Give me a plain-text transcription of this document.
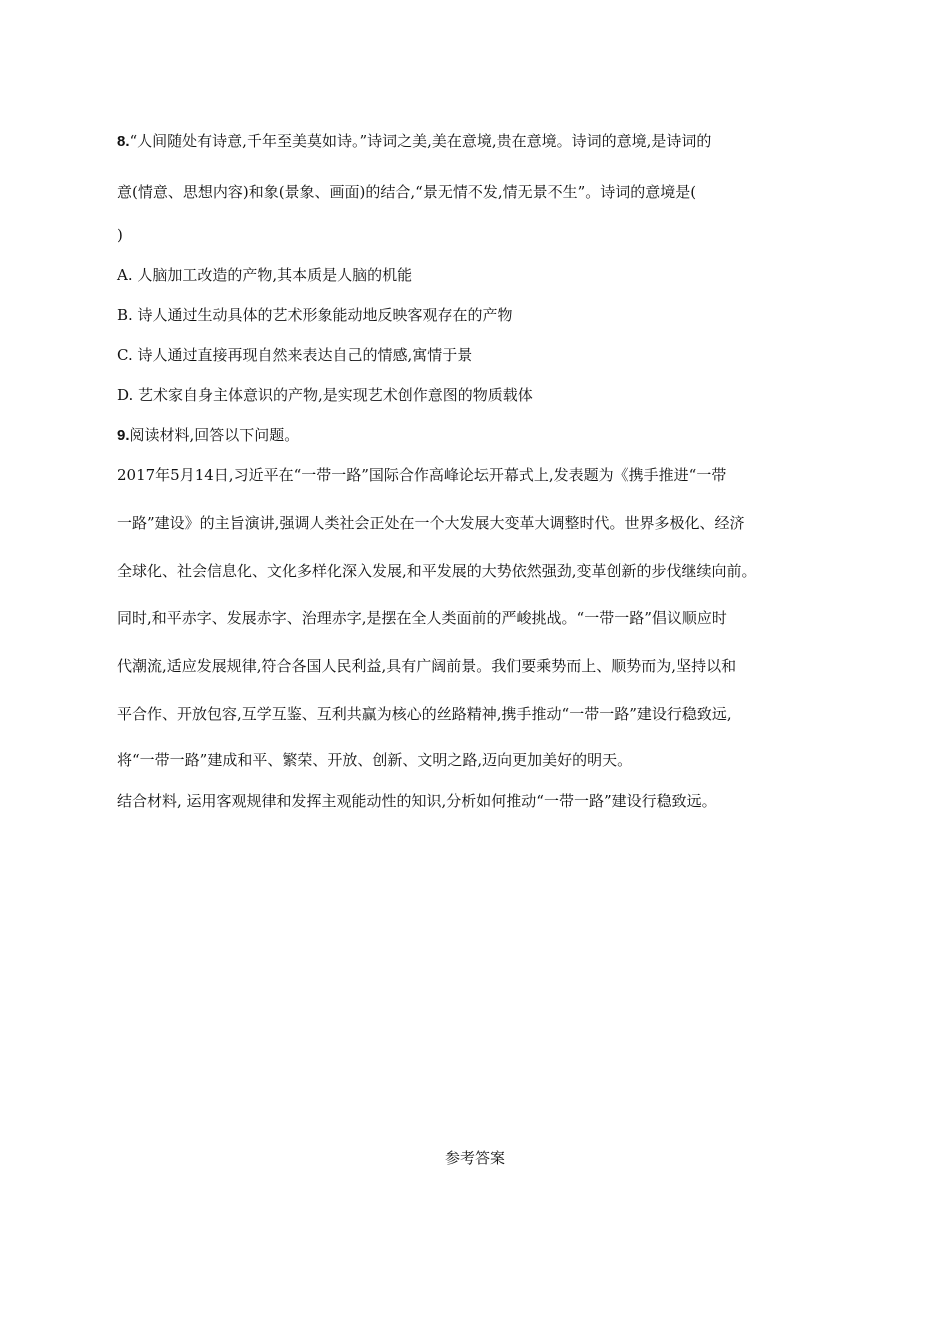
8.“人间随处有诗意,千年至美莫如诗。”诗词之美,美在意境,贵在意境。诗词的意境,是诗词的
意(情意、思想内容)和象(景象、画面)的结合,“景无情不发,情无景不生”。诗词的意境是(
)
A. 人脑加工改造的产物,其本质是人脑的机能
B. 诗人通过生动具体的艺术形象能动地反映客观存在的产物
C. 诗人通过直接再现自然来表达自己的情感,寓情于景
D. 艺术家自身主体意识的产物,是实现艺术创作意图的物质载体
9.阅读材料,回答以下问题。
2017年5月14日,习近平在“一带一路”国际合作高峰论坛开幕式上,发表题为《携手推进“一带
一路”建设》的主旨演讲,强调人类社会正处在一个大发展大变革大调整时代。世界多极化、经济
全球化、社会信息化、文化多样化深入发展,和平发展的大势依然强劲,变革创新的步伐继续向前。
同时,和平赤字、发展赤字、治理赤字,是摆在全人类面前的严峻挑战。“一带一路”倡议顺应时
代潮流,适应发展规律,符合各国人民利益,具有广阔前景。我们要乘势而上、顺势而为,坚持以和
平合作、开放包容,互学互鉴、互利共赢为核心的丝路精神,携手推动“一带一路”建设行稳致远,
将“一带一路”建成和平、繁荣、开放、创新、文明之路,迈向更加美好的明天。
结合材料, 运用客观规律和发挥主观能动性的知识,分析如何推动“一带一路”建设行稳致远。
参考答案
